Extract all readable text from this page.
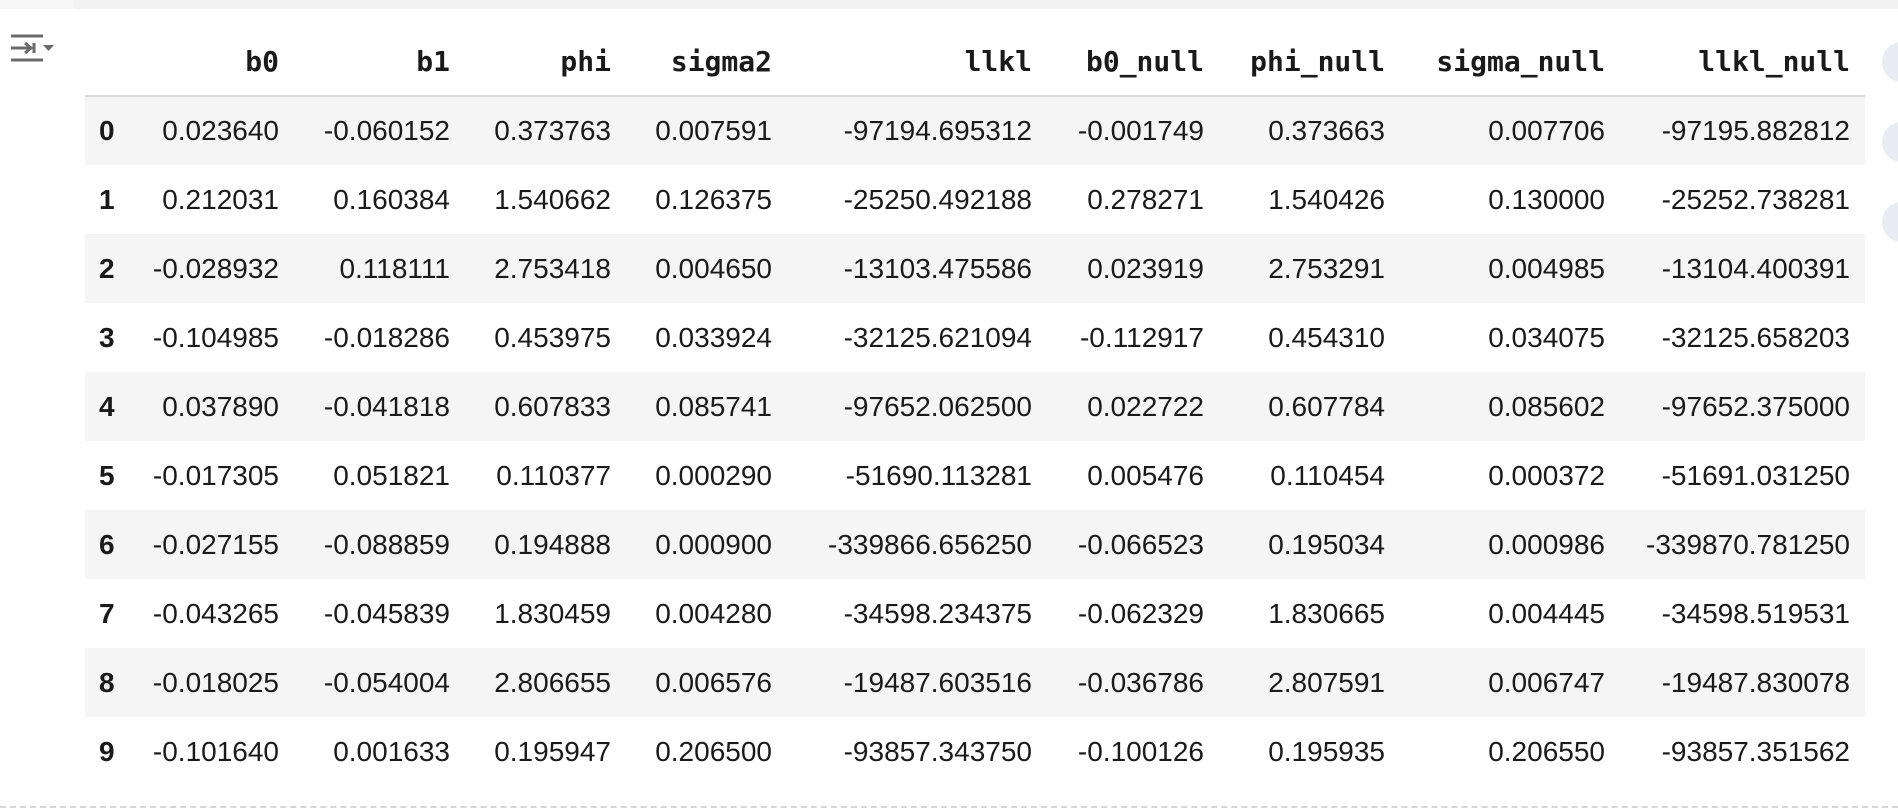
	b0	b1	phi	sigma2	llkl	b0_null	phi_null	sigma_null	llkl_null
0	0.023640	-0.060152	0.373763	0.007591	-97194.695312	-0.001749	0.373663	0.007706	-97195.882812
1	0.212031	0.160384	1.540662	0.126375	-25250.492188	0.278271	1.540426	0.130000	-25252.738281
2	-0.028932	0.118111	2.753418	0.004650	-13103.475586	0.023919	2.753291	0.004985	-13104.400391
3	-0.104985	-0.018286	0.453975	0.033924	-32125.621094	-0.112917	0.454310	0.034075	-32125.658203
4	0.037890	-0.041818	0.607833	0.085741	-97652.062500	0.022722	0.607784	0.085602	-97652.375000
5	-0.017305	0.051821	0.110377	0.000290	-51690.113281	0.005476	0.110454	0.000372	-51691.031250
6	-0.027155	-0.088859	0.194888	0.000900	-339866.656250	-0.066523	0.195034	0.000986	-339870.781250
7	-0.043265	-0.045839	1.830459	0.004280	-34598.234375	-0.062329	1.830665	0.004445	-34598.519531
8	-0.018025	-0.054004	2.806655	0.006576	-19487.603516	-0.036786	2.807591	0.006747	-19487.830078
9	-0.101640	0.001633	0.195947	0.206500	-93857.343750	-0.100126	0.195935	0.206550	-93857.351562
